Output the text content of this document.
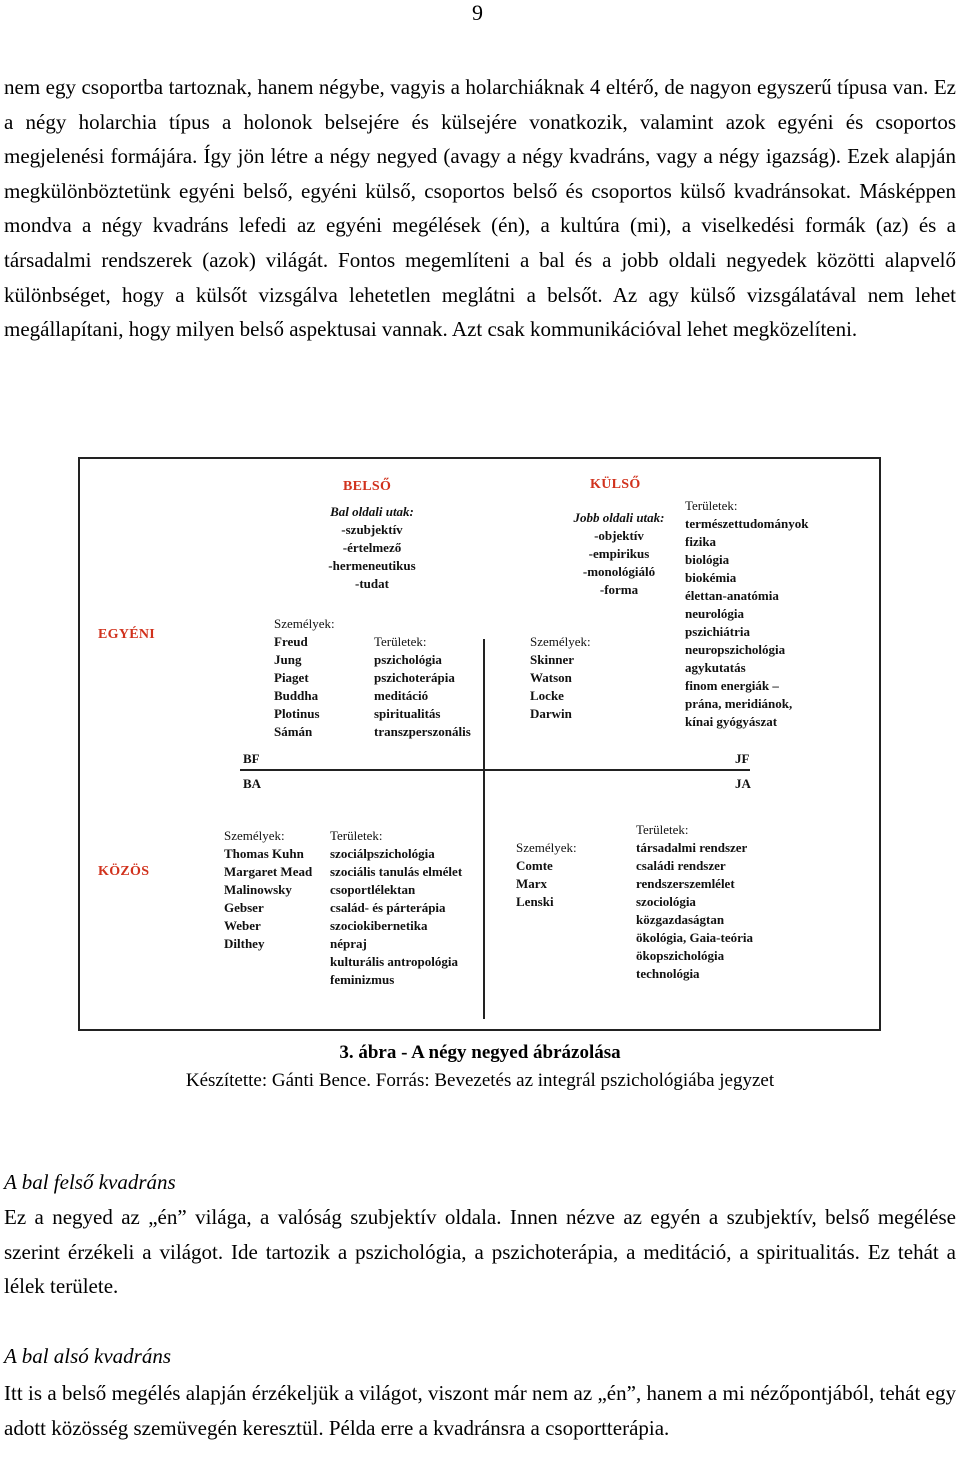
9

nem egy csoportba tartoznak, hanem négybe, vagyis a holarchiáknak 4 eltérő, de nagyon egyszerű típusa van. Ez a négy holarchia típus a holonok belsejére és külsejére vonatkozik, valamint azok egyéni és csoportos megjelenési formájára. Így jön létre a négy negyed (avagy a négy kvadráns, vagy a négy igazság). Ezek alapján megkülönböztetünk egyéni belső, egyéni külső, csoportos belső és csoportos külső kvadránsokat. Másképpen mondva a négy kvadráns lefedi az egyéni megélések (én), a kultúra (mi), a viselkedési formák (az) és a társadalmi rendszerek (azok) világát. Fontos megemlíteni a bal és a jobb oldali negyedek közötti alapvelő különbséget, hogy a külsőt vizsgálva lehetetlen meglátni a belsőt. Az agy külső vizsgálatával nem lehet megállapítani, hogy milyen belső aspektusai vannak. Azt csak kommunikációval lehet megközelíteni.

BELSŐ	KÜLSŐ
EGYÉNI
KÖZÖS
Bal oldali utak:
-szubjektív
-értelmező
-hermeneutikus
-tudat
Jobb oldali utak:
-objektív
-empirikus
-monológiáló
-forma
Személyek:
Freud
Jung
Piaget
Buddha
Plotinus
Sámán
Területek:
pszichológia
pszichoterápia
meditáció
spiritualitás
transzperszonális
Személyek:
Skinner
Watson
Locke
Darwin
Területek:
természettudományok
fizika
biológia
biokémia
élettan-anatómia
neurológia
pszichiátria
neuropszichológia
agykutatás
finom energiák –
prána, meridiánok,
kínai gyógyászat
BF
BA
JF
JA
Személyek:
Thomas Kuhn
Margaret Mead
Malinowsky
Gebser
Weber
Dilthey
Területek:
szociálpszichológia
szociális tanulás elmélet
csoportlélektan
család- és párterápia
szociokibernetika
népraj
kulturális antropológia
feminizmus
Személyek:
Comte
Marx
Lenski
Területek:
társadalmi rendszer
családi rendszer
rendszerszemlélet
szociológia
közgazdaságtan
ökológia, Gaia-teória
ökopszichológia
technológia
3. ábra - A négy negyed ábrázolása
Készítette: Gánti Bence. Forrás: Bevezetés az integrál pszichológiába jegyzet
A bal felső kvadráns

Ez a negyed az „én” világa, a valóság szubjektív oldala. Innen nézve az egyén a szubjektív, belső megélése szerint érzékeli a világot. Ide tartozik a pszichológia, a pszichoterápia, a meditáció, a spiritualitás. Ez tehát a lélek területe.

A bal alsó kvadráns

Itt is a belső megélés alapján érzékeljük a világot, viszont már nem az „én”, hanem a mi nézőpontjából, tehát egy adott közösség szemüvegén keresztül. Példa erre a kvadránsra a csoportterápia.
